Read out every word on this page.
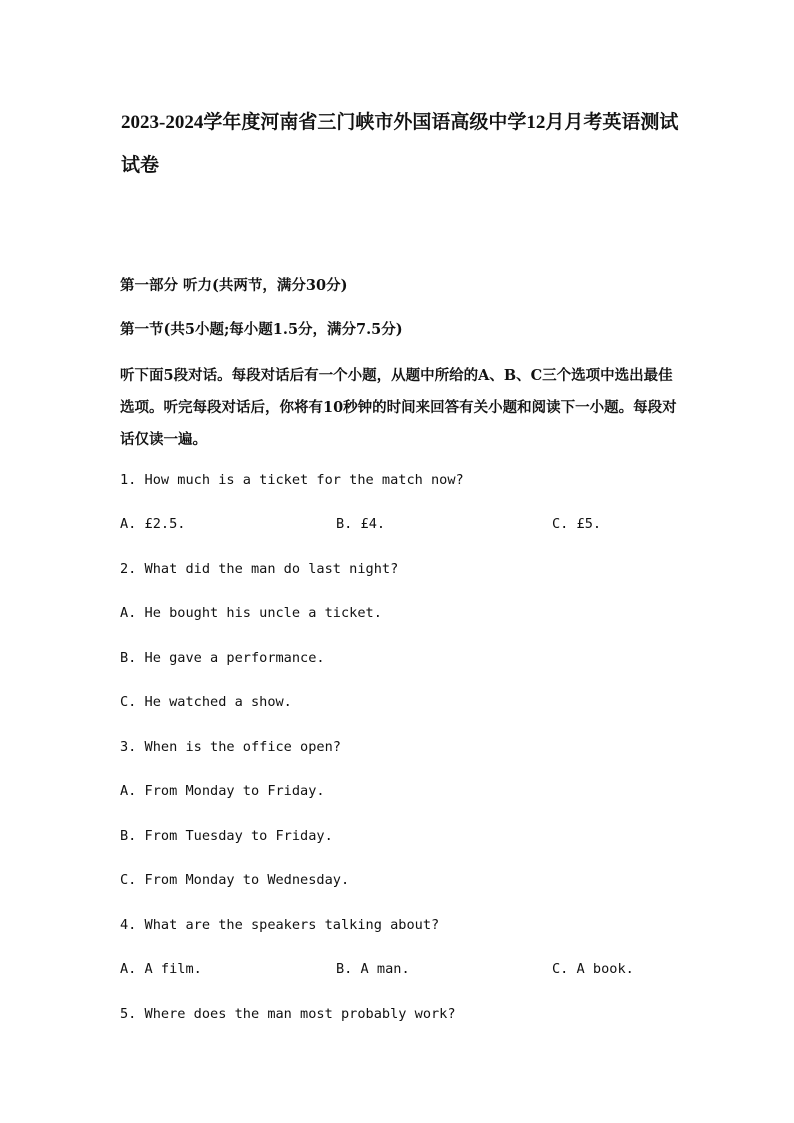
2023-2024学年度河南省三门峡市外国语高级中学12月月考英语测试试卷

第一部分 听力(共两节，满分30分)

第一节(共5小题;每小题1.5分，满分7.5分)

听下面5段对话。每段对话后有一个小题，从题中所给的A、B、C三个选项中选出最佳选项。听完每段对话后，你将有10秒钟的时间来回答有关小题和阅读下一小题。每段对话仅读一遍。

1. How much is a ticket for the match now?

A. £2.5.	B. £4.	C. £5.

2. What did the man do last night?

A. He bought his uncle a ticket.

B. He gave a performance.

C. He watched a show.

3. When is the office open?

A. From Monday to Friday.

B. From Tuesday to Friday.

C. From Monday to Wednesday.

4. What are the speakers talking about?

A. A film.	B. A man.	C. A book.

5. Where does the man most probably work?
